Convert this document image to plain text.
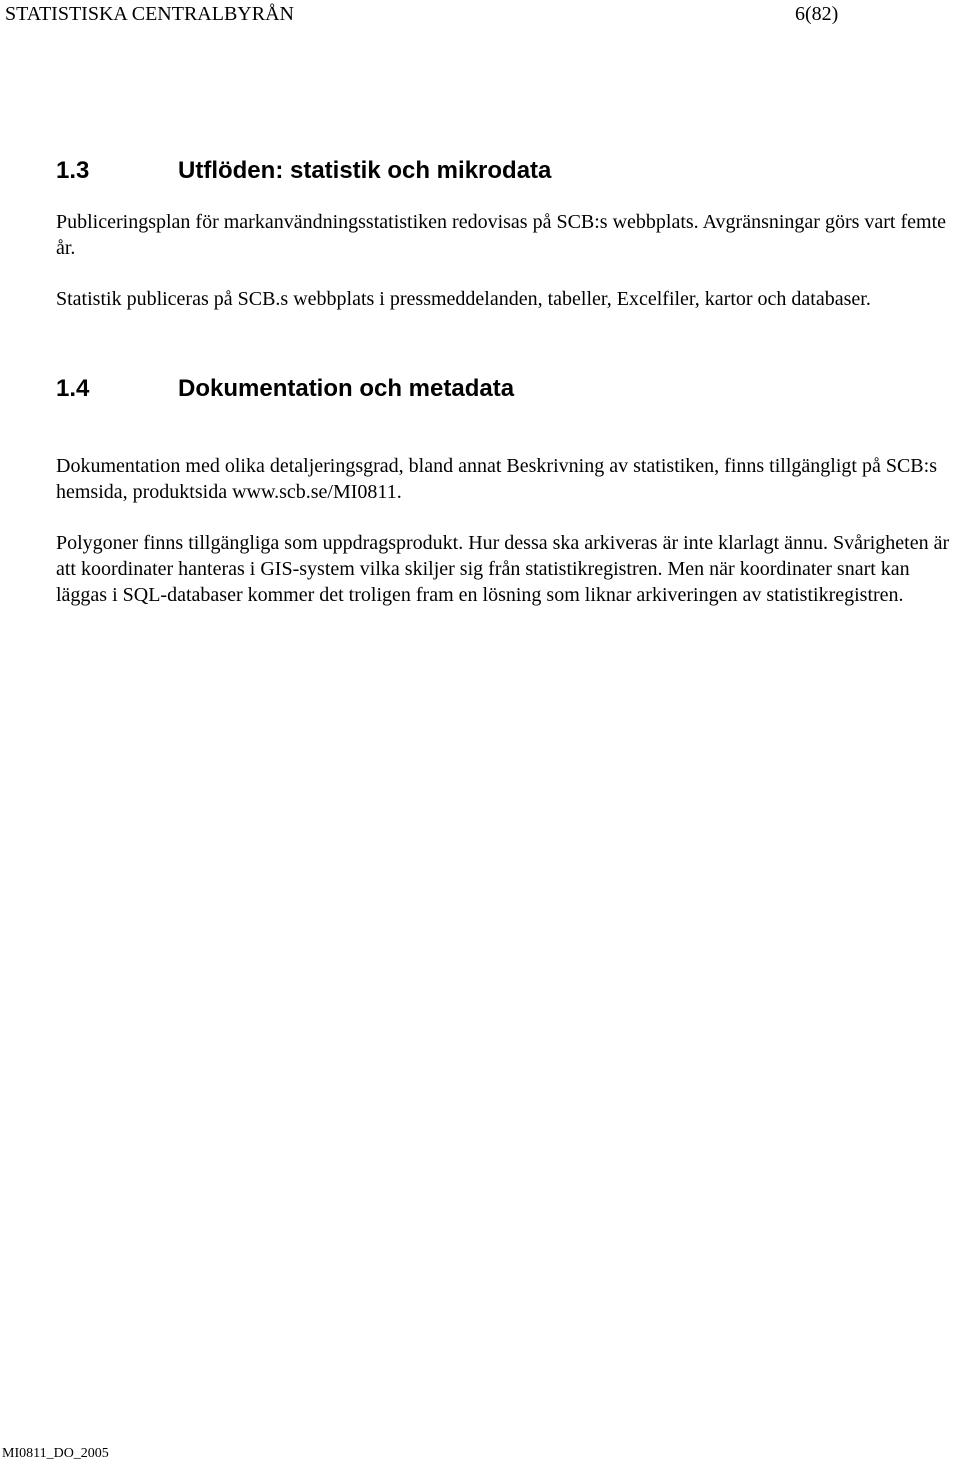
STATISTISKA CENTRALBYRÅN	6(82)
1.3	Utflöden: statistik och mikrodata

Publiceringsplan för markanvändningsstatistiken redovisas på SCB:s webbplats. Avgränsningar görs vart femte år.

Statistik publiceras på SCB.s webbplats i pressmeddelanden, tabeller, Excelfiler, kartor och databaser.

1.4	Dokumentation och metadata

Dokumentation med olika detaljeringsgrad, bland annat Beskrivning av statistiken, finns tillgängligt på SCB:s hemsida, produktsida www.scb.se/MI0811.

Polygoner finns tillgängliga som uppdragsprodukt. Hur dessa ska arkiveras är inte klarlagt ännu. Svårigheten är att koordinater hanteras i GIS-system vilka skiljer sig från statistikregistren. Men när koordinater snart kan läggas i SQL-databaser kommer det troligen fram en lösning som liknar arkiveringen av statistikregistren.

MI0811_DO_2005
